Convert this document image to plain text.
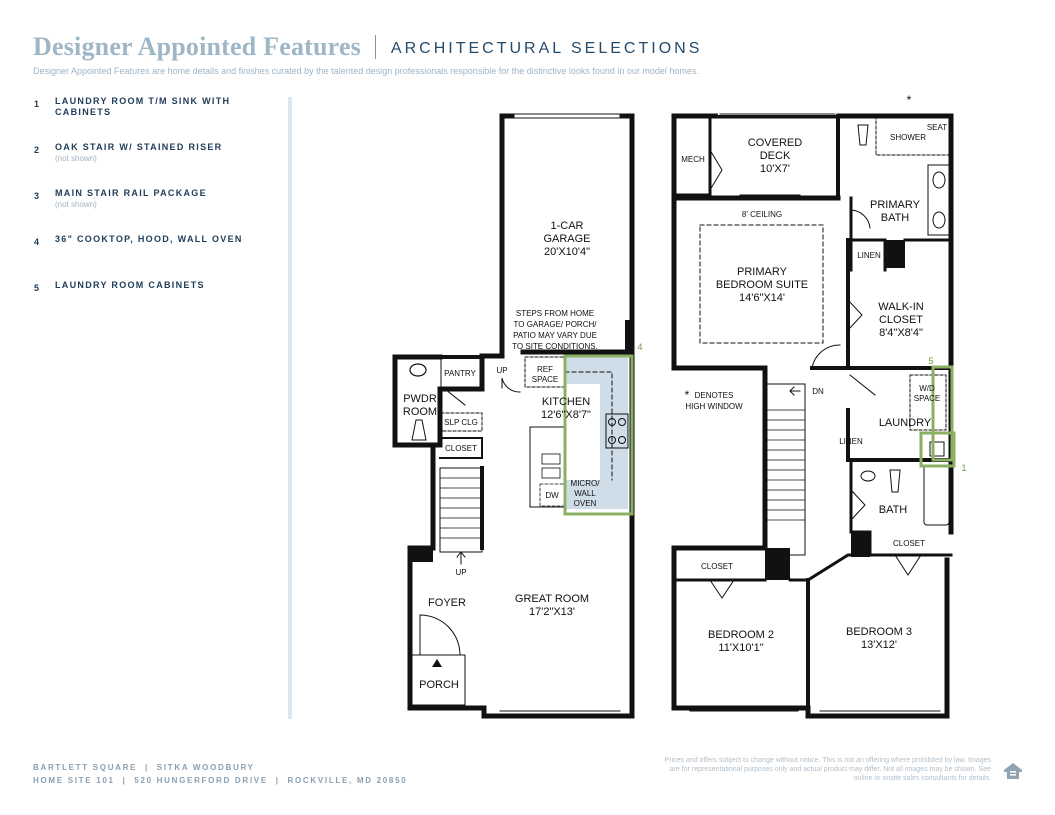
Designer Appointed Features ARCHITECTURAL SELECTIONS
Designer Appointed Features are home details and finishes curated by the talented design professionals responsible for the distinctive looks found in our model homes.
1 LAUNDRY ROOM T/M SINK WITH CABINETS
2 OAK STAIR W/ STAINED RISER
(not shown)
3 MAIN STAIR RAIL PACKAGE
(not shown)
4 36" COOKTOP, HOOD, WALL OVEN
5 LAUNDRY ROOM CABINETS
1-CAR
GARAGE
20'X10'4"
STEPS FROM HOME
TO GARAGE/ PORCH/
PATIO MAY VARY DUE
TO SITE CONDITIONS.
PANTRY	UP	REF
SPACE
KITCHEN
12'6"X8'7"
PWDR
ROOM
SLP CLG
CLOSET
DW
MICRO/
WALL
OVEN
UP
GREAT ROOM
17'2"X13'
FOYER
PORCH
4
*
MECH
COVERED
DECK
10'X7'
SHOWER
SEAT
PRIMARY
BATH
8' CEILING
PRIMARY
BEDROOM SUITE
14'6"X14'
LINEN
WALK-IN
CLOSET
8'4"X8'4"
W/D
SPACE
* DENOTES
HIGH WINDOW
DN
LAUNDRY
LINEN
BATH
CLOSET
CLOSET
BEDROOM 2
11'X10'1"
BEDROOM 3
13'X12'
5
1
BARTLETT SQUARE  |  SITKA WOODBURY
HOME SITE 101  |  520 HUNGERFORD DRIVE  |  ROCKVILLE, MD 20850
Prices and offers subject to change without notice. This is not an offering where prohibited by law. Images are for representational purposes only and actual product may differ. Not all images may be shown. See online or onsite sales consultants for details.
